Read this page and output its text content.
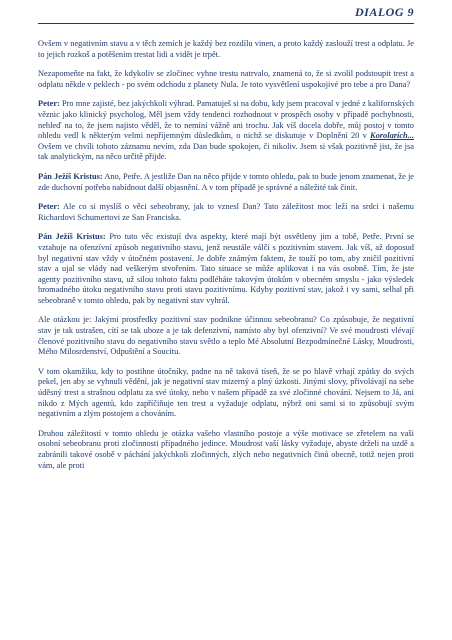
DIALOG 9

Ovšem v negativním stavu a v těch zemích je každý bez rozdílu vinen, a proto každý zaslouží trest a odplatu. Je to jejich rozkoš a potěšením trestat lidi a vidět je trpět.

Nezapomeňte na fakt, že kdykoliv se zločinec vyhne trestu natrvalo, znamená to, že si zvolil podstoupit trest a odplatu někde v peklech - po svém odchodu z planety Nula. Je toto vysvětlení uspokojivé pro tebe a pro Dana?

Peter: Pro mne zajisté, bez jakýchkoli výhrad. Pamatuješ si na dobu, kdy jsem pracoval v jedné z kalifornských věznic jako klinický psycholog, Měl jsem vždy tendenci rozhodnout v prospěch osoby v případě pochybnosti, nehleď na to, že jsem najisto věděl, že to nemíní vážně ani trochu. Jak víš docela dobře, můj postoj v tomto ohledu vedl k některým velmi nepříjemným důsledkům, o nichž se diskutuje v Doplnění 20 v Korolarích... Ovšem ve chvíli tohoto záznamu nevím, zda Dan bude spokojen, či nikoliv. Jsem si však pozitivně jist, že jsa tak analytickým, na něco určitě přijde.

Pán Ježíš Kristus: Ano, Petře. A jestliže Dan na něco přijde v tomto ohledu, pak to bude jenom znamenat, že je zde duchovní potřeba nabídnout další objasnění. A v tom případě je správné a náležité tak činit.

Peter: Ale co si myslíš o věci sebeobrany, jak to vznesl Dan? Tato záležitost moc leží na srdci i našemu Richardovi Schumertovi ze San Franciska.

Pán Ježíš Kristus: Pro tuto věc existují dva aspekty, které mají být osvětleny jim a tobě, Petře. První se vztahuje na ofenzívní způsob negativního stavu, jenž neustále válčí s pozitivním stavem. Jak víš, až doposud byl negativní stav vždy v útočném postavení. Je dobře známým faktem, že touží po tom, aby zničil pozitivní stav a ujal se vlády nad veškerým stvořením. Tato situace se může aplikovat i na vás osobně. Tím, že jste agenty pozitivního stavu, už silou tohoto faktu podléháte takovým útokům v obecném smyslu - jako výsledek hromadného útoku negativního stavu proti stavu pozitivnímu. Kdyby pozitivní stav, jakož i vy sami, selhal při sebeobraně v tomto ohledu, pak by negativní stav vyhrál.

Ale otázkou je: Jakými prostředky pozitivní stav podnikne účinnou sebeobranu? Co způsobuje, že negativní stav je tak ustrašen, cítí se tak uboze a je tak defenzivní, namísto aby byl ofenzivní? Ve své moudrosti vlévají členové pozitivního stavu do negativního stavu světlo a teplo Mé Absolutní Bezpodmínečné Lásky, Moudrosti, Mého Milosrdenství, Odpuštění a Soucitu.

V tom okamžiku, kdy to postihne útočníky, padne na ně taková tíseň, že se po hlavě vrhají zpátky do svých pekel, jen aby se vyhnuli vědění, jak je negativní stav mizerný a plný úzkosti. Jinými slovy, přivolávají na sebe úděsný trest a strašnou odplatu za své útoky, nebo v našem případě za své zločinné chování. Nejsem to Já, ani nikdo z Mých agentů, kdo zapříčiňuje ten trest a vyžaduje odplatu, nýbrž oni sami si to způsobují svým negativním a zlým postojem a chováním.

Druhou záležitostí v tomto ohledu je otázka vašeho vlastního postoje a výše motivace se zřetelem na vaši osobní sebeobranu proti zločinnosti případného jedince. Moudrost vaší lásky vyžaduje, abyste drželi na uzdě a zabránili takové osobě v páchání jakýchkoli zločinných, zlých nebo negativních činů obecně, totiž nejen proti vám, ale proti
